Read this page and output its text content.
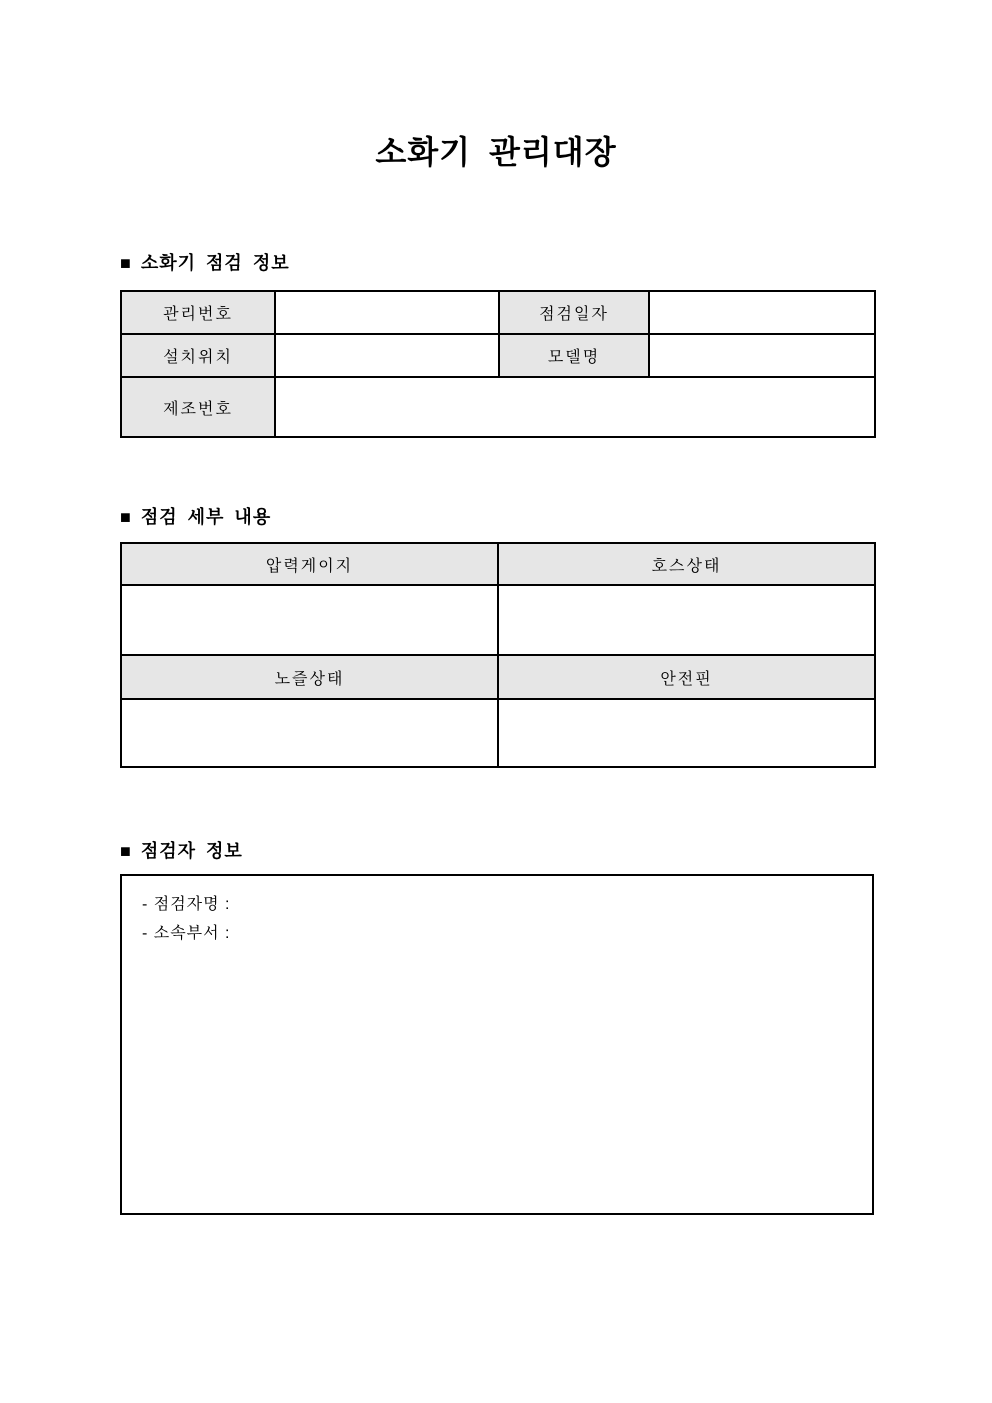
소화기 관리대장
■ 소화기 점검 정보
관리번호		점검일자	
설치위치		모델명	
제조번호			
■ 점검 세부 내용
압력게이지	호스상태

노즐상태	안전핀

■ 점검자 정보
- 점검자명 :
- 소속부서 :
